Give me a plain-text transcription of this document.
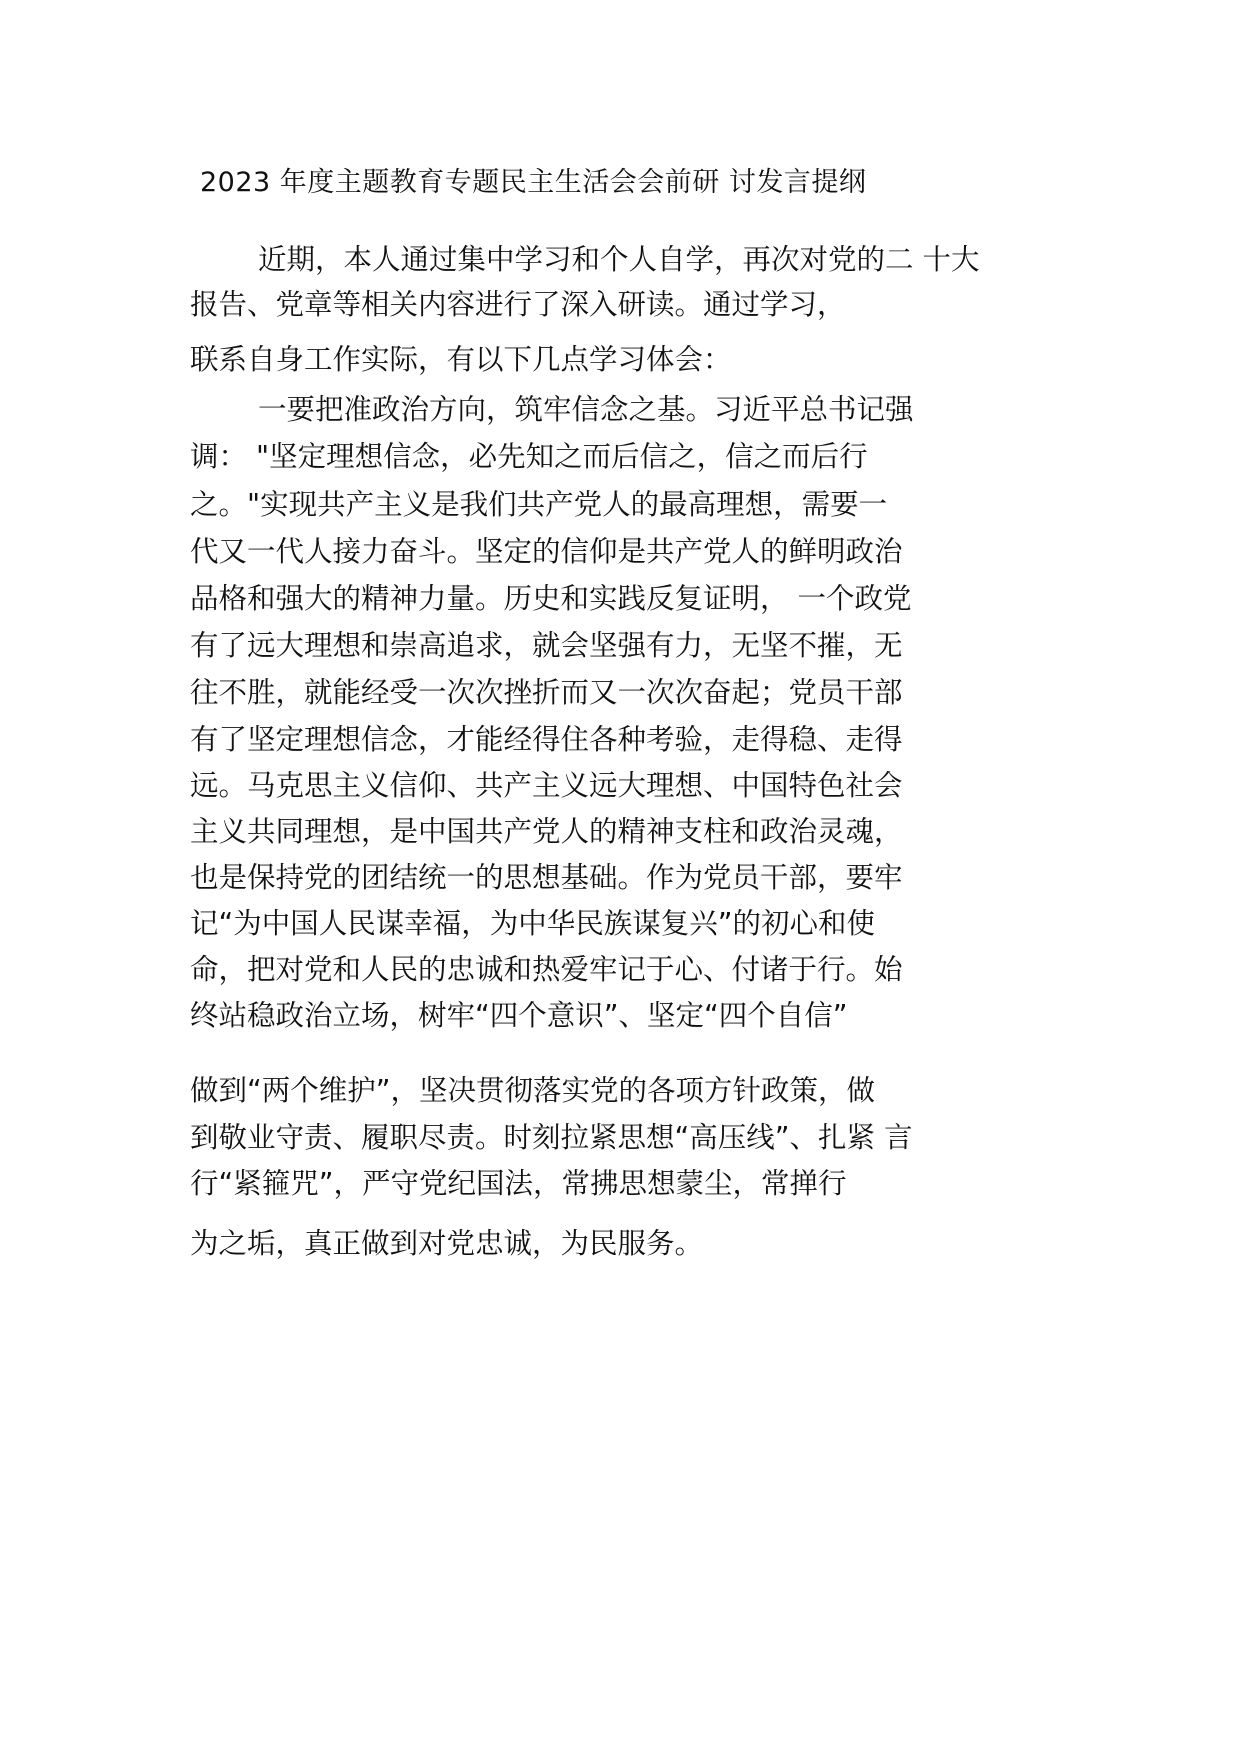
2023 年度主题教育专题民主生活会会前研 讨发言提纲
近期，本人通过集中学习和个人自学，再次对党的二 十大
报告、党章等相关内容进行了深入研读。通过学习，
联系自身工作实际，有以下几点学习体会：
一要把准政治方向，筑牢信念之基。习近平总书记强
调： "坚定理想信念，必先知之而后信之，信之而后行
之。"实现共产主义是我们共产党人的最高理想，需要一
代又一代人接力奋斗。坚定的信仰是共产党人的鲜明政治
品格和强大的精神力量。历史和实践反复证明， 一个政党
有了远大理想和崇高追求，就会坚强有力，无坚不摧，无
往不胜，就能经受一次次挫折而又一次次奋起；党员干部
有了坚定理想信念，才能经得住各种考验，走得稳、走得
远。马克思主义信仰、共产主义远大理想、中国特色社会
主义共同理想，是中国共产党人的精神支柱和政治灵魂，
也是保持党的团结统一的思想基础。作为党员干部，要牢
记“为中国人民谋幸福，为中华民族谋复兴”的初心和使
命，把对党和人民的忠诚和热爱牢记于心、付诸于行。始
终站稳政治立场，树牢“四个意识”、坚定“四个自信”
做到“两个维护”，坚决贯彻落实党的各项方针政策，做
到敬业守责、履职尽责。时刻拉紧思想“高压线”、扎紧 言
行“紧箍咒”，严守党纪国法，常拂思想蒙尘，常掸行
为之垢，真正做到对党忠诚，为民服务。
